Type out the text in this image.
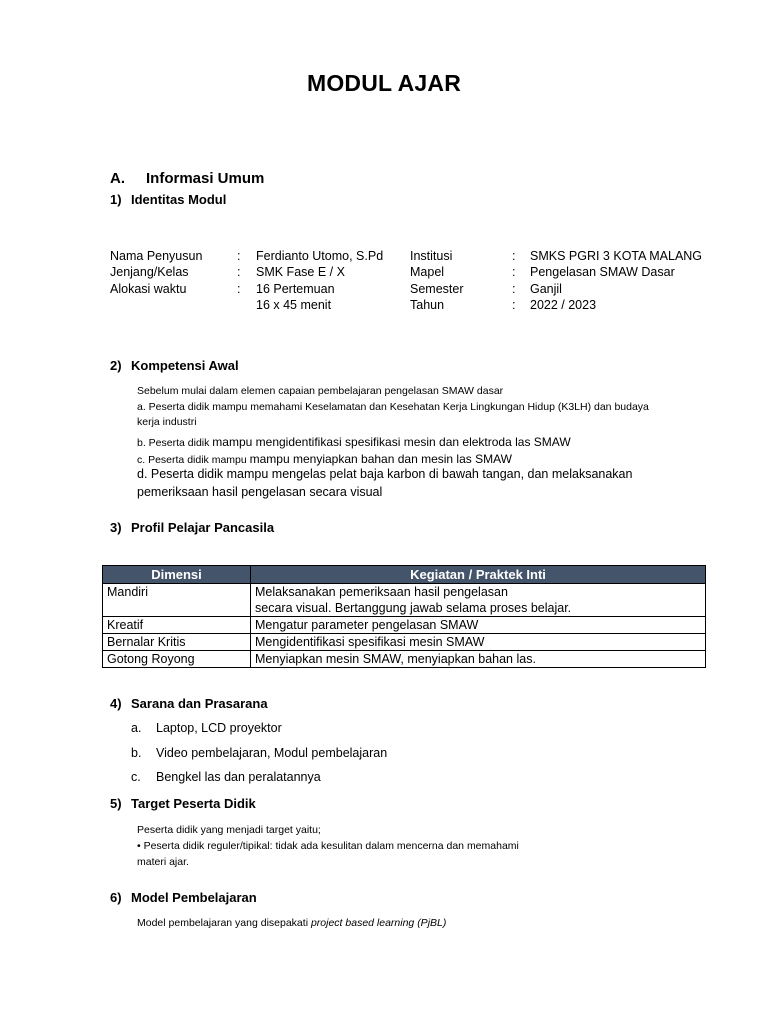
MODUL AJAR
A. Informasi Umum
1) Identitas Modul
Nama Penyusun	: Ferdianto Utomo, S.Pd
Jenjang/Kelas	: SMK Fase E / X
Alokasi waktu	: 16 Pertemuan
16 x 45 menit
Institusi	: SMKS PGRI 3 KOTA MALANG
Mapel	: Pengelasan SMAW Dasar
Semester	: Ganjil
Tahun	: 2022 / 2023
2) Kompetensi Awal
Sebelum mulai dalam elemen capaian pembelajaran pengelasan SMAW dasar
a. Peserta didik mampu memahami Keselamatan dan Kesehatan Kerja Lingkungan Hidup (K3LH) dan budaya
kerja industri
b. Peserta didik mampu mengidentifikasi spesifikasi mesin dan elektroda las SMAW
c. Peserta didik mampu mampu menyiapkan bahan dan mesin las SMAW
d. Peserta didik mampu mengelas pelat baja karbon di bawah tangan, dan melaksanakan
pemeriksaan hasil pengelasan secara visual
3) Profil Pelajar Pancasila
Dimensi	Kegiatan / Praktek Inti
Mandiri	Melaksanakan pemeriksaan hasil pengelasan
secara visual. Bertanggung jawab selama proses belajar.

Kreatif	Mengatur parameter pengelasan SMAW
Bernalar Kritis	Mengidentifikasi spesifikasi mesin SMAW
Gotong Royong	Menyiapkan mesin SMAW, menyiapkan bahan las.
4) Sarana dan Prasarana
a. Laptop, LCD proyektor
b. Video pembelajaran, Modul pembelajaran
c. Bengkel las dan peralatannya
5) Target Peserta Didik
Peserta didik yang menjadi target yaitu;
• Peserta didik reguler/tipikal: tidak ada kesulitan dalam mencerna dan memahami
materi ajar.
6) Model Pembelajaran
Model pembelajaran yang disepakati project based learning (PjBL)
